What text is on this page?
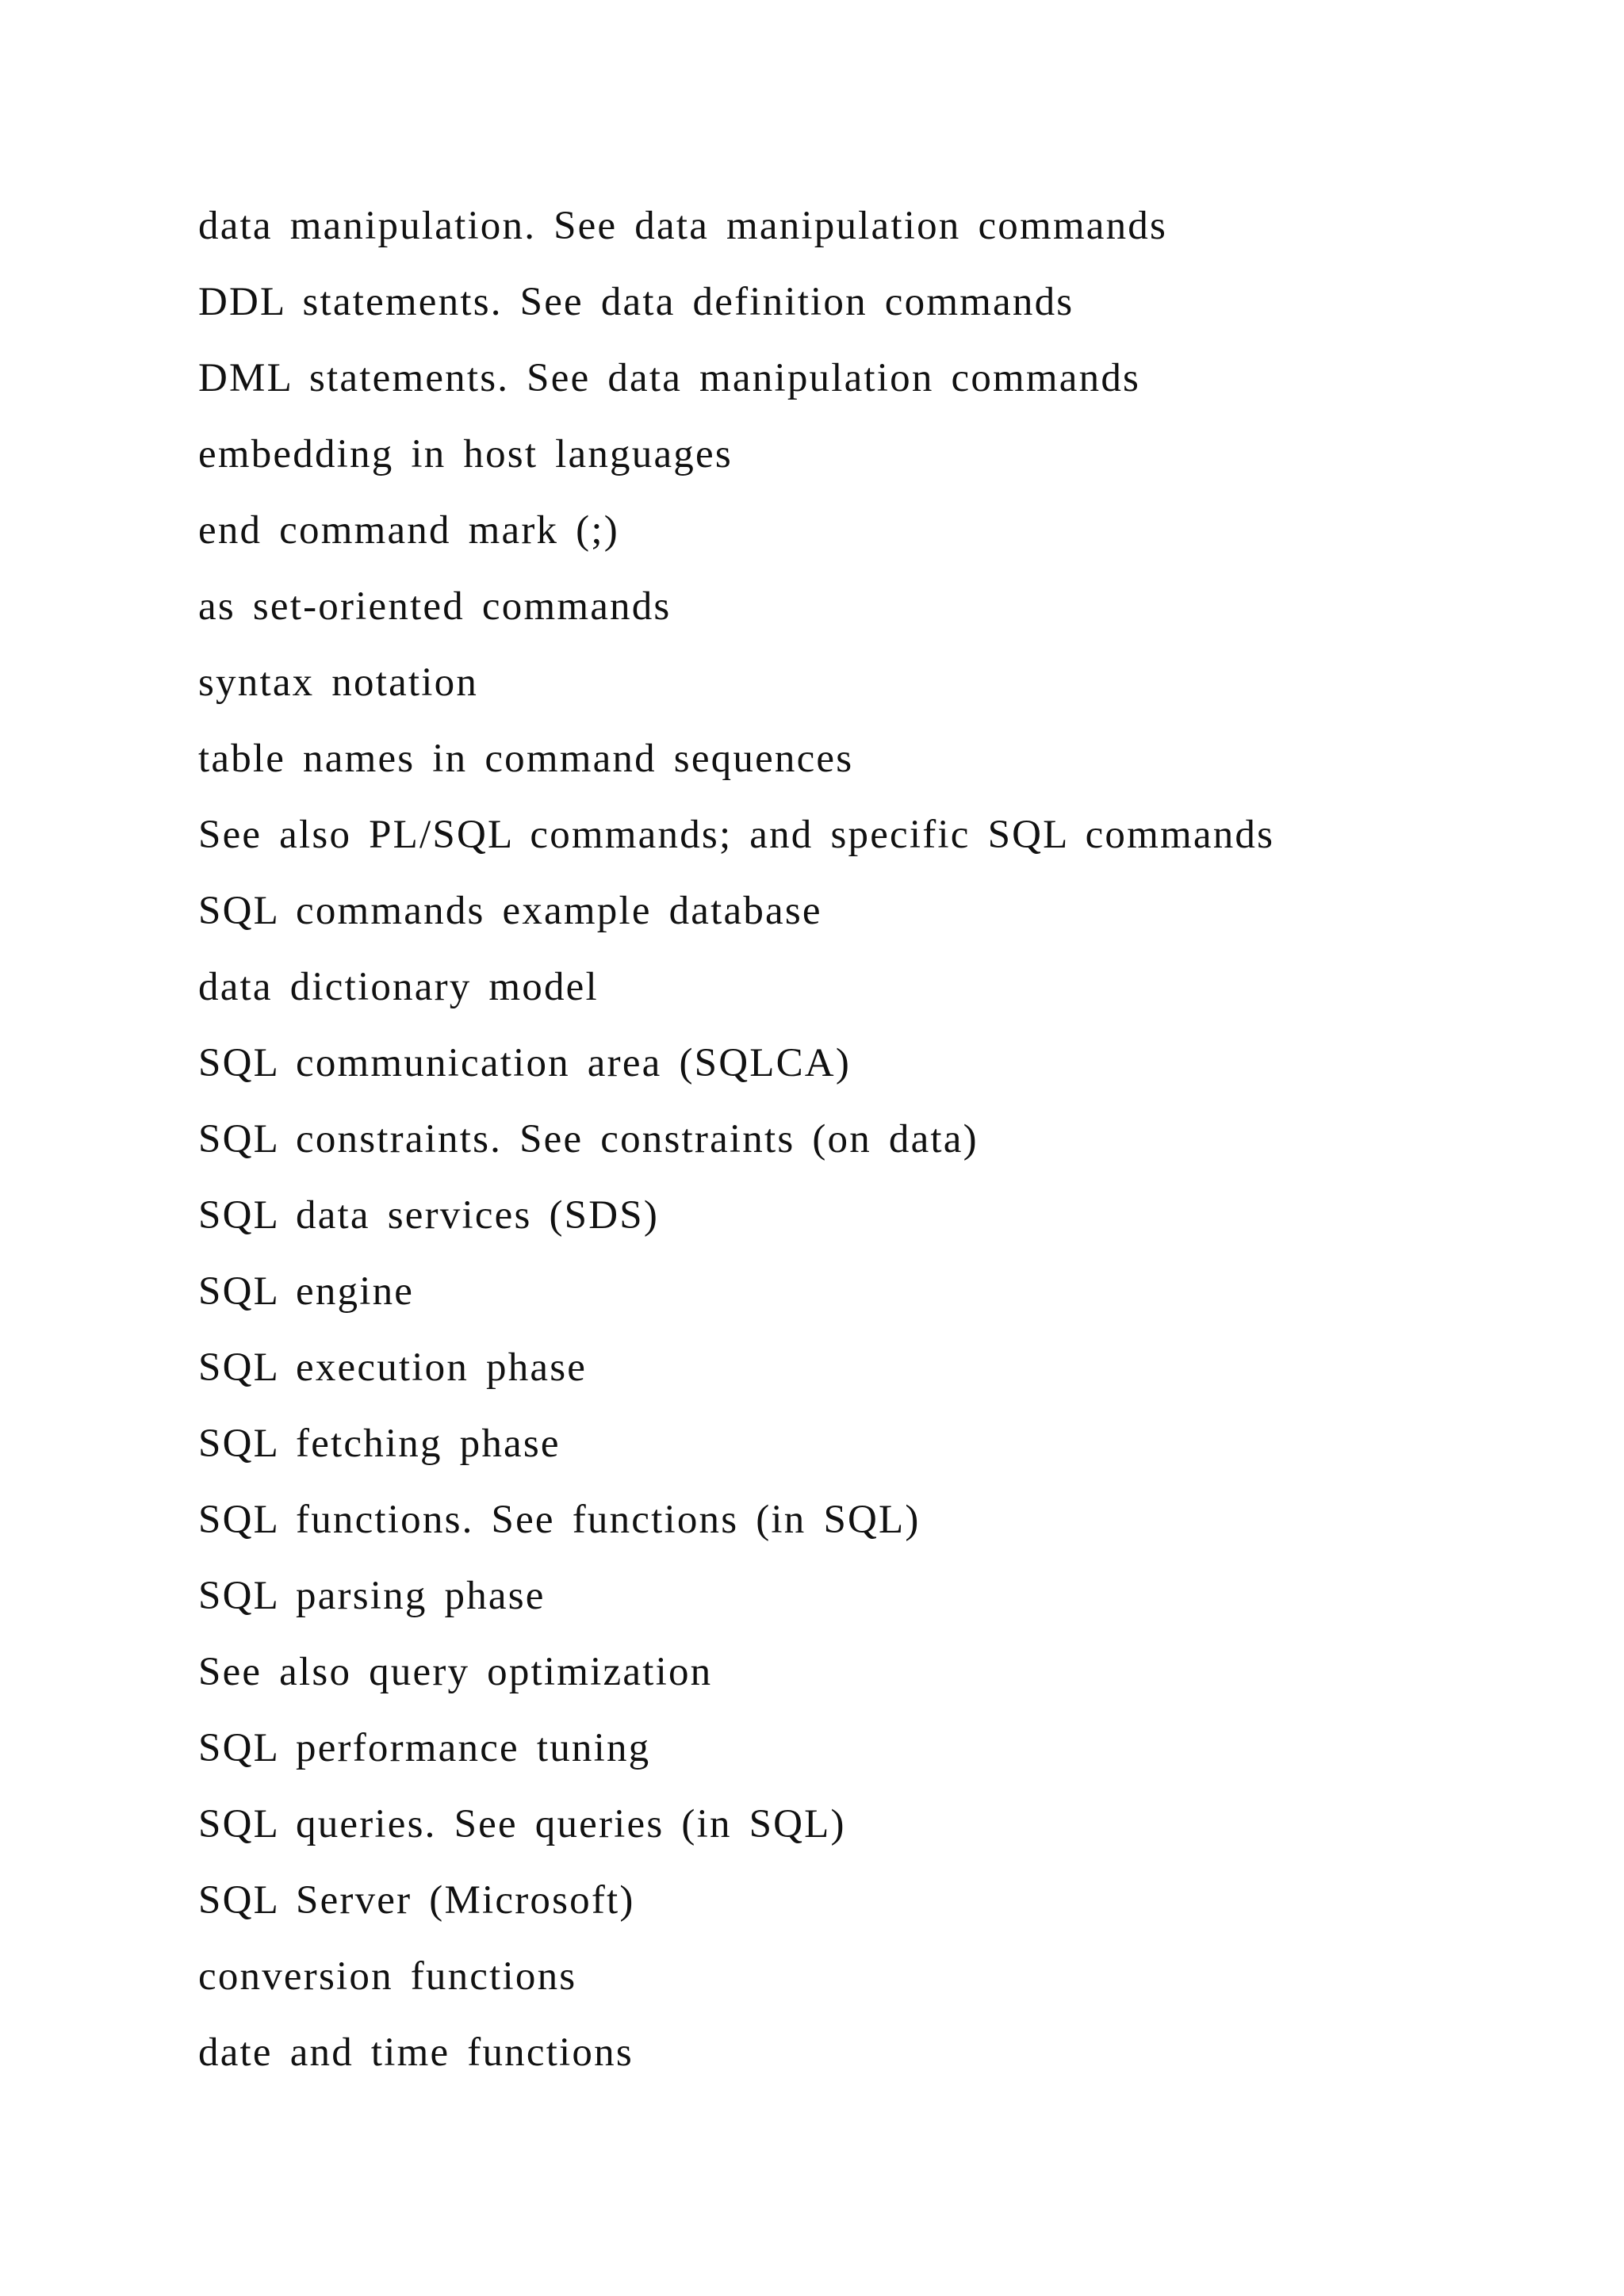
data manipulation. See data manipulation commands
DDL statements. See data definition commands
DML statements. See data manipulation commands
embedding in host languages
end command mark (;)
as set-oriented commands
syntax notation
table names in command sequences
See also PL/SQL commands; and specific SQL commands
SQL commands example database
data dictionary model
SQL communication area (SQLCA)
SQL constraints. See constraints (on data)
SQL data services (SDS)
SQL engine
SQL execution phase
SQL fetching phase
SQL functions. See functions (in SQL)
SQL parsing phase
See also query optimization
SQL performance tuning
SQL queries. See queries (in SQL)
SQL Server (Microsoft)
conversion functions
date and time functions
